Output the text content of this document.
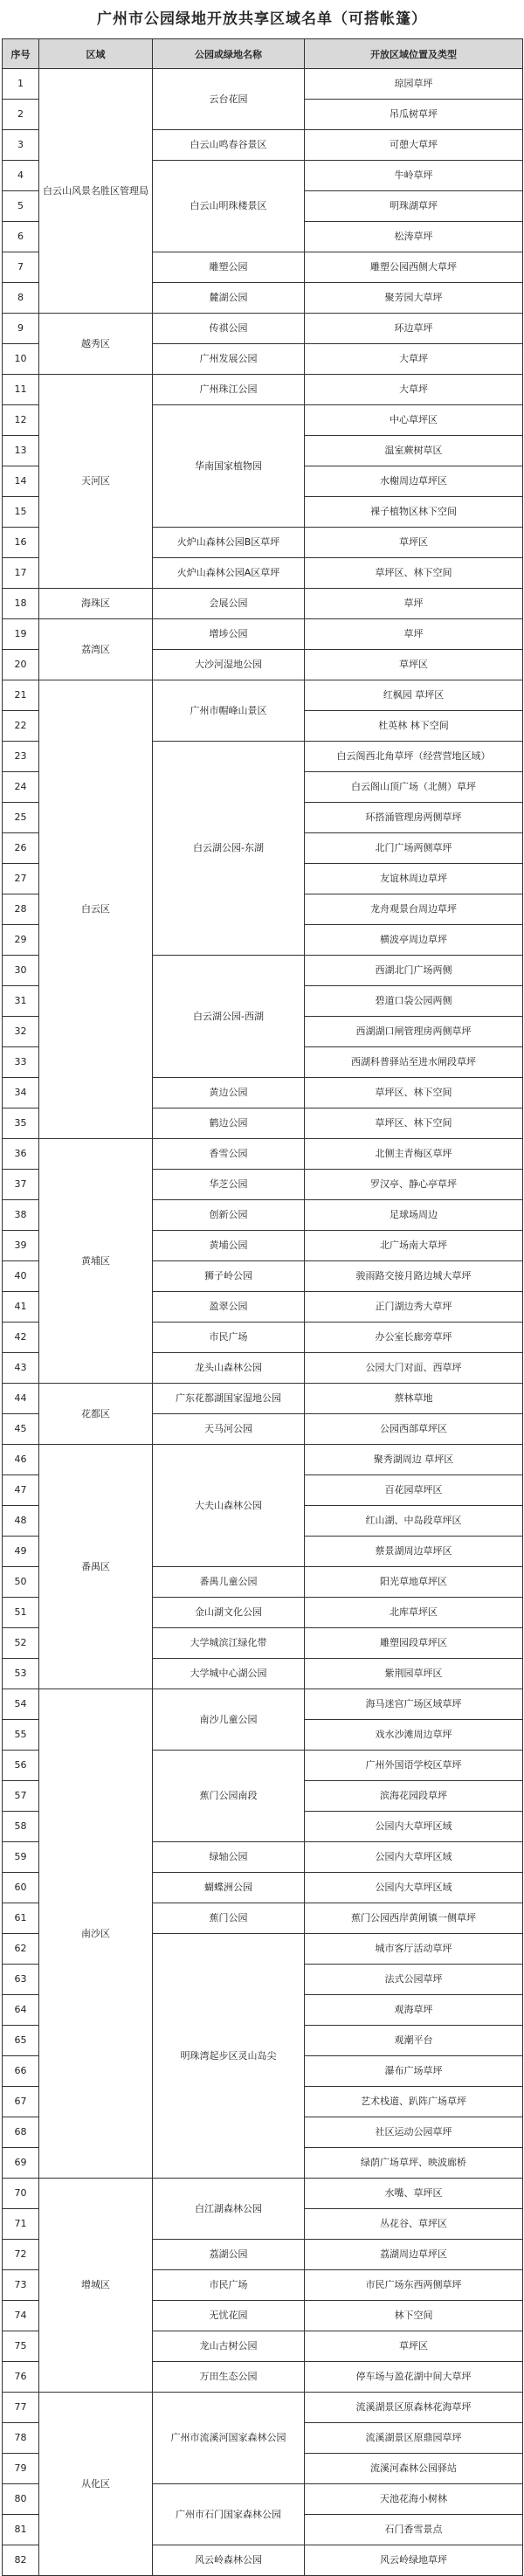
广州市公园绿地开放共享区域名单（可搭帐篷）
序号	区域	公园或绿地名称	开放区域位置及类型
1	白云山风景名胜区管理局	云台花园	琼园草坪
2			吊瓜树草坪
3		白云山鸣春谷景区	可憩大草坪
4		白云山明珠楼景区	牛岭草坪
5			明珠湖草坪
6			松涛草坪
7		雕塑公园	雕塑公园西侧大草坪
8		麓湖公园	聚芳园大草坪
9	越秀区	传祺公园	环边草坪
10		广州发展公园	大草坪
11	天河区	广州珠江公园	大草坪
12		华南国家植物园	中心草坪区
13			温室蕨树草区
14			水榭周边草坪区
15			裸子植物区林下空间
16		火炉山森林公园B区草坪	草坪区
17		火炉山森林公园A区草坪	草坪区、林下空间
18	海珠区	会展公园	草坪
19	荔湾区	增埗公园	草坪
20		大沙河湿地公园	草坪区
21	白云区	广州市帽峰山景区	红枫园 草坪区
22			杜英林 林下空间
23		白云湖公园-东湖	白云阁西北角草坪（经营营地区域）
24			白云阁山顶广场（北侧）草坪
25			环搭涌管理房两侧草坪
26			北门广场两侧草坪
27			友谊林周边草坪
28			龙舟观景台周边草坪
29			横波亭周边草坪
30		白云湖公园-西湖	西湖北门广场两侧
31			碧道口袋公园两侧
32			西湖湖口闸管理房两侧草坪
33			西湖科普驿站至进水闸段草坪
34		黄边公园	草坪区、林下空间
35		鹤边公园	草坪区、林下空间
36	黄埔区	香雪公园	北侧主青梅区草坪
37		华芝公园	罗汉亭、静心亭草坪
38		创新公园	足球场周边
39		黄埔公园	北广场南大草坪
40		狮子岭公园	骏雨路交接月路边城大草坪
41		盈翠公园	正门湖边秀大草坪
42		市民广场	办公室长廊旁草坪
43		龙头山森林公园	公园大门对面、西草坪
44	花都区	广东花都湖国家湿地公园	蔡林草地
45		天马河公园	公园西部草坪区
46	番禺区	大夫山森林公园	聚秀湖周边 草坪区
47			百花园草坪区
48			红山湖、中岛段草坪区
49			蔡景湖周边草坪区
50		番禺儿童公园	阳光草地草坪区
51		金山湖文化公园	北库草坪区
52		大学城滨江绿化带	雕塑园段草坪区
53		大学城中心湖公园	紫荆园草坪区
54	南沙区	南沙儿童公园	海马迷宫广场区域草坪
55			戏水沙滩周边草坪
56		蕉门公园南段	广州外国语学校区草坪
57			滨海花园段草坪
58			公园内大草坪区域
59		绿轴公园	公园内大草坪区域
60		蝴蝶洲公园	公园内大草坪区域
61		蕉门公园	蕉门公园西岸黄闸镇一侧草坪
62		明珠湾起步区灵山岛尖	城市客厅活动草坪
63			法式公园草坪
64			观海草坪
65			观潮平台
66			瀑布广场草坪
67			艺术栈道、趴阵广场草坪
68			社区运动公园草坪
69			绿荫广场草坪、映波廊桥
70	增城区	白江湖森林公园	水嘴、草坪区
71			丛花谷、草坪区
72		荔湖公园	荔湖周边草坪区
73		市民广场	市民广场东西两侧草坪
74		无忧花园	林下空间
75		龙山古树公园	草坪区
76		万田生态公园	停车场与盈花湖中间大草坪
77	从化区	广州市流溪河国家森林公园	流溪湖景区原森林花海草坪
78			流溪湖景区原鼎园草坪
79			流溪河森林公园驿站
80		广州市石门国家森林公园	天池花海小树林
81			石门香雪景点
82		风云岭森林公园	风云岭绿地草坪
